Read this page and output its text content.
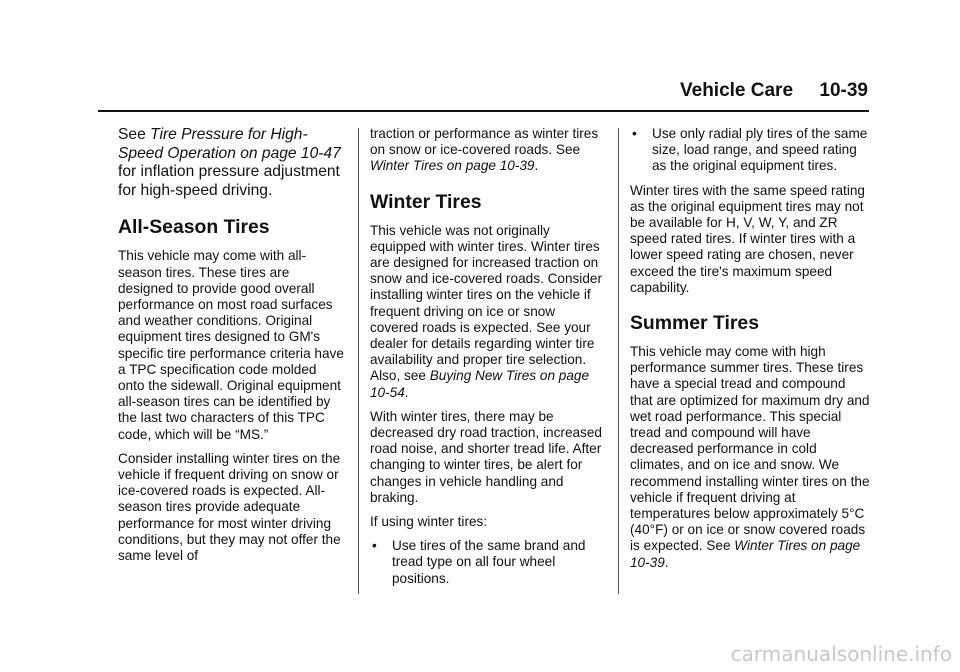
Vehicle Care 10-39

See Tire Pressure for High-Speed Operation on page 10-47 for inflation pressure adjustment for high-speed driving.

All-Season Tires

This vehicle may come with all-season tires. These tires are designed to provide good overall performance on most road surfaces and weather conditions. Original equipment tires designed to GM's specific tire performance criteria have a TPC specification code molded onto the sidewall. Original equipment all-season tires can be identified by the last two characters of this TPC code, which will be “MS.”

Consider installing winter tires on the vehicle if frequent driving on snow or ice-covered roads is expected. All-season tires provide adequate performance for most winter driving conditions, but they may not offer the same level of

traction or performance as winter tires on snow or ice-covered roads. See Winter Tires on page 10-39.

Winter Tires

This vehicle was not originally equipped with winter tires. Winter tires are designed for increased traction on snow and ice-covered roads. Consider installing winter tires on the vehicle if frequent driving on ice or snow covered roads is expected. See your dealer for details regarding winter tire availability and proper tire selection. Also, see Buying New Tires on page 10-54.

With winter tires, there may be decreased dry road traction, increased road noise, and shorter tread life. After changing to winter tires, be alert for changes in vehicle handling and braking.

If using winter tires:

• Use tires of the same brand and tread type on all four wheel positions.
• Use only radial ply tires of the same size, load range, and speed rating as the original equipment tires.

Winter tires with the same speed rating as the original equipment tires may not be available for H, V, W, Y, and ZR speed rated tires. If winter tires with a lower speed rating are chosen, never exceed the tire's maximum speed capability.

Summer Tires

This vehicle may come with high performance summer tires. These tires have a special tread and compound that are optimized for maximum dry and wet road performance. This special tread and compound will have decreased performance in cold climates, and on ice and snow. We recommend installing winter tires on the vehicle if frequent driving at temperatures below approximately 5°C (40°F) or on ice or snow covered roads is expected. See Winter Tires on page 10-39.

carmanualsonline.info
